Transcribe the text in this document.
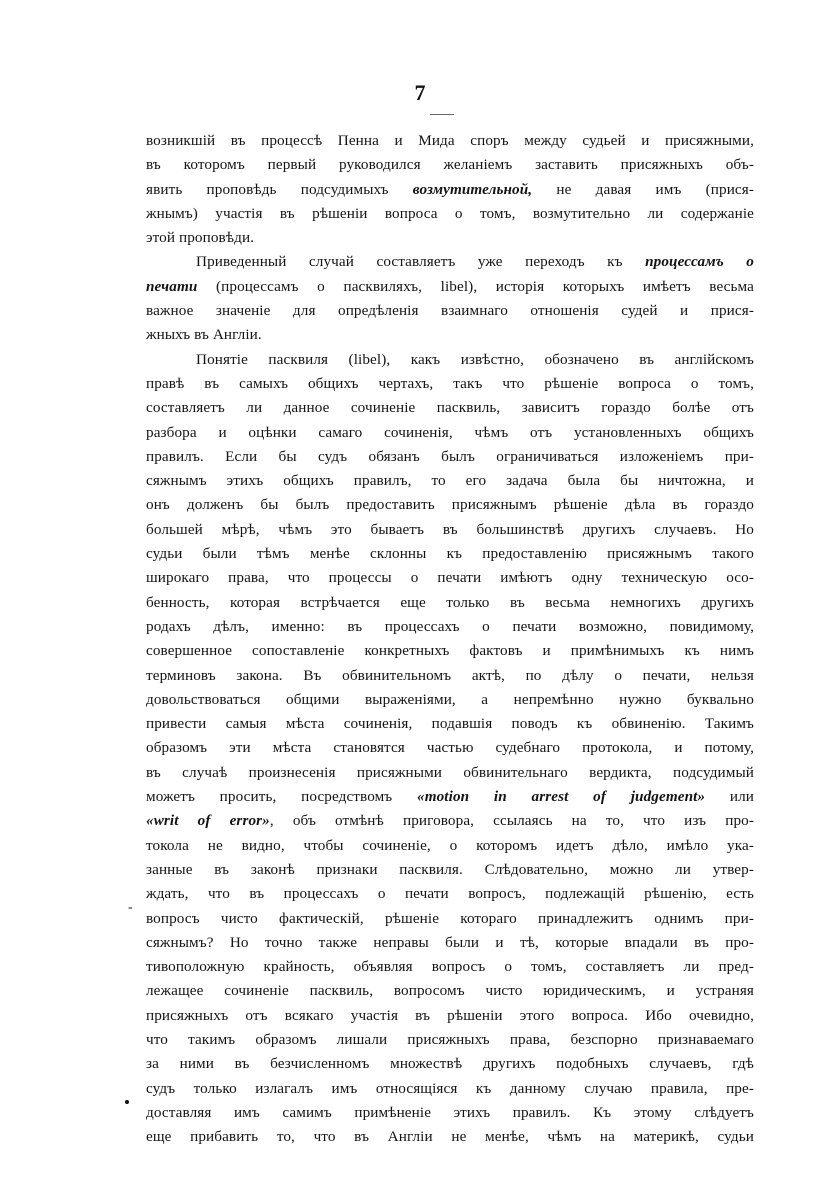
7
-
возникшій въ процессѣ Пенна и Мида споръ между судьей и присяжными,
въ которомъ первый руководился желаніемъ заставить присяжныхъ объ-
явить проповѣдь подсудимыхъ возмутительной, не давая имъ (прися-
жнымъ) участія въ рѣшеніи вопроса о томъ, возмутительно ли содержаніе
этой проповѣди.
Приведенный случай составляетъ уже переходъ къ процессамъ о
печати (процессамъ о пасквиляхъ, libel), исторія которыхъ имѣетъ весьма
важное значеніе для опредѣленія взаимнаго отношенія судей и прися-
жныхъ въ Англіи.
Понятіе пасквиля (libel), какъ извѣстно, обозначено въ англійскомъ
правѣ въ самыхъ общихъ чертахъ, такъ что рѣшеніе вопроса о томъ,
составляетъ ли данное сочиненіе пасквиль, зависитъ гораздо болѣе отъ
разбора и оцѣнки самаго сочиненія, чѣмъ отъ установленныхъ общихъ
правилъ. Если бы судъ обязанъ былъ ограничиваться изложеніемъ при-
сяжнымъ этихъ общихъ правилъ, то его задача была бы ничтожна, и
онъ долженъ бы былъ предоставить присяжнымъ рѣшеніе дѣла въ гораздо
большей мѣрѣ, чѣмъ это бываетъ въ большинствѣ другихъ случаевъ. Но
судьи были тѣмъ менѣе склонны къ предоставленію присяжнымъ такого
широкаго права, что процессы о печати имѣютъ одну техническую осо-
бенность, которая встрѣчается еще только въ весьма немногихъ другихъ
родахъ дѣлъ, именно: въ процессахъ о печати возможно, повидимому,
совершенное сопоставленіе конкретныхъ фактовъ и примѣнимыхъ къ нимъ
терминовъ закона. Въ обвинительномъ актѣ, по дѣлу о печати, нельзя
довольствоваться общими выраженіями, а непремѣнно нужно буквально
привести самыя мѣста сочиненія, подавшія поводъ къ обвиненію. Такимъ
образомъ эти мѣста становятся частью судебнаго протокола, и потому,
въ случаѣ произнесенія присяжными обвинительнаго вердикта, подсудимый
можетъ просить, посредствомъ «motion in arrest of judgement» или
«writ of error», объ отмѣнѣ приговора, ссылаясь на то, что изъ про-
токола не видно, чтобы сочиненіе, о которомъ идетъ дѣло, имѣло ука-
занные въ законѣ признаки пасквиля. Слѣдовательно, можно ли утвер-
ждать, что въ процессахъ о печати вопросъ, подлежащій рѣшенію, есть
вопросъ чисто фактическій, рѣшеніе котораго принадлежитъ однимъ при-
сяжнымъ? Но точно также неправы были и тѣ, которые впадали въ про-
тивоположную крайность, объявляя вопросъ о томъ, составляетъ ли пред-
лежащее сочиненіе пасквиль, вопросомъ чисто юридическимъ, и устраняя
присяжныхъ отъ всякаго участія въ рѣшеніи этого вопроса. Ибо очевидно,
что такимъ образомъ лишали присяжныхъ права, безспорно признаваемаго
за ними въ безчисленномъ множествѣ другихъ подобныхъ случаевъ, гдѣ
судъ только излагалъ имъ относящіяся къ данному случаю правила, пре-
доставляя имъ самимъ примѣненіе этихъ правилъ. Къ этому слѣдуетъ
еще прибавить то, что въ Англіи не менѣе, чѣмъ на материкѣ, судьи
